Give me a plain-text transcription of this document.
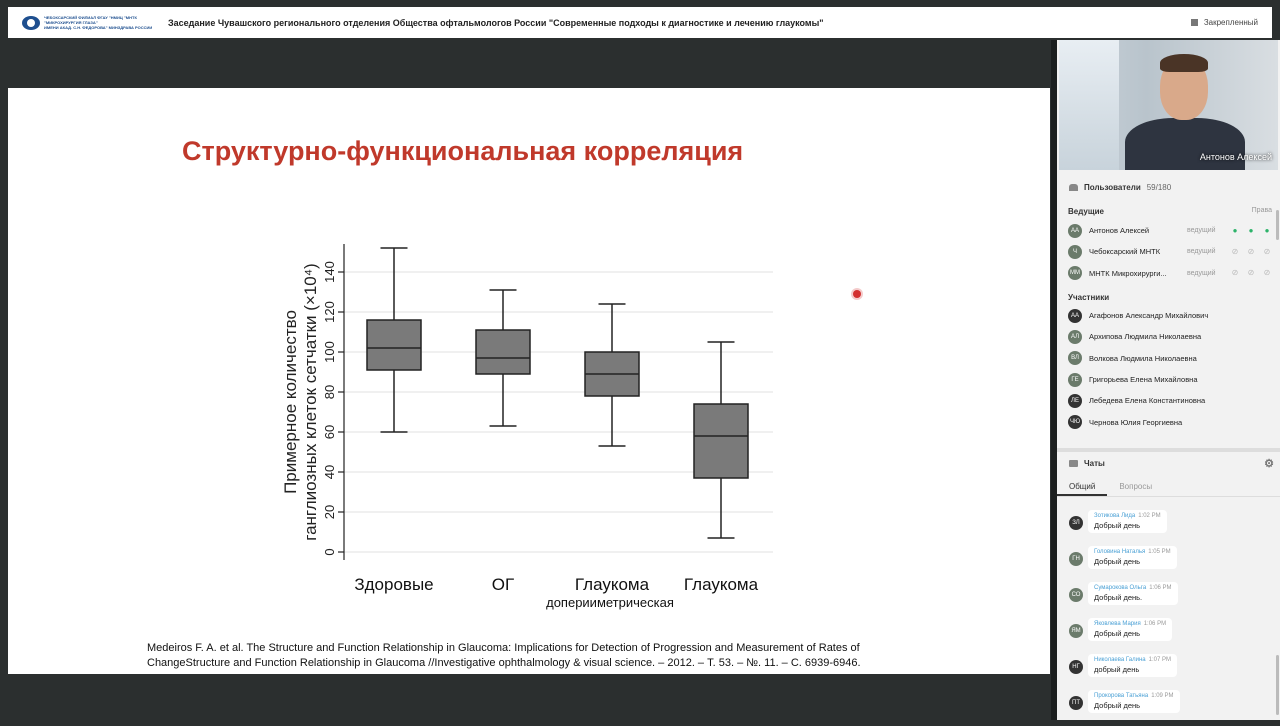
ЧЕБОКСАРСКИЙ ФИЛИАЛ ФГАУ "НМИЦ "МНТК
"МИКРОХИРУРГИЯ ГЛАЗА"
ИМЕНИ АКАД. С.Н. ФЕДОРОВА" МИНЗДРАВА РОССИИ Заседание Чувашского регионального отделения Общества офтальмологов России "Современные подходы к диагностике и лечению глаукомы"	Закрепленный
Структурно-функциональная корреляция
0
20
40
60
80
100
120
140
Примерное количество ганглиозных клеток сетчатки (×10⁴)
Здоровые	ОГ	Глаукома
доперииметрическая
Глаукома
Medeiros F. A. et al. The Structure and Function Relationship in Glaucoma: Implications for Detection of Progression and Measurement of Rates of ChangeStructure and Function Relationship in Glaucoma //Investigative ophthalmology & visual science. – 2012. – Т. 53. – №. 11. – С. 6939-6946.
Антонов Алексей
Пользователи 59/180
Ведущие	Права
АА	Антонов Алексей	ведущий	● ● ●
Ч	Чебоксарский МНТК	ведущий	⊘ ⊘ ⊘
ММ МНТК Микрохирурги...	ведущий	⊘ ⊘ ⊘
Участники
АА	Агафонов Александр Михайлович
АЛ	Архипова Людмила Николаевна
ВЛ	Волкова Людмила Николаевна
ГЕ	Григорьева Елена Михайловна
ЛЕ	Лебедева Елена Константиновна
ЧЮ Чернова Юлия Георгиевна
Чаты	⚙
Общий	Вопросы
ЗЛ
Зотикова Лида 1:02 PM
Добрый день
ГН
Головина Наталья 1:05 PM
Добрый день
СО
Сумарокова Ольга 1:06 PM
Добрый день.
ЯМ
Яковлева Мария 1:06 PM
Добрый день
НГ
Николаева Галина 1:07 PM
добрый день
ПТ
Прокорова Татьяна 1:09 PM
Добрый день
